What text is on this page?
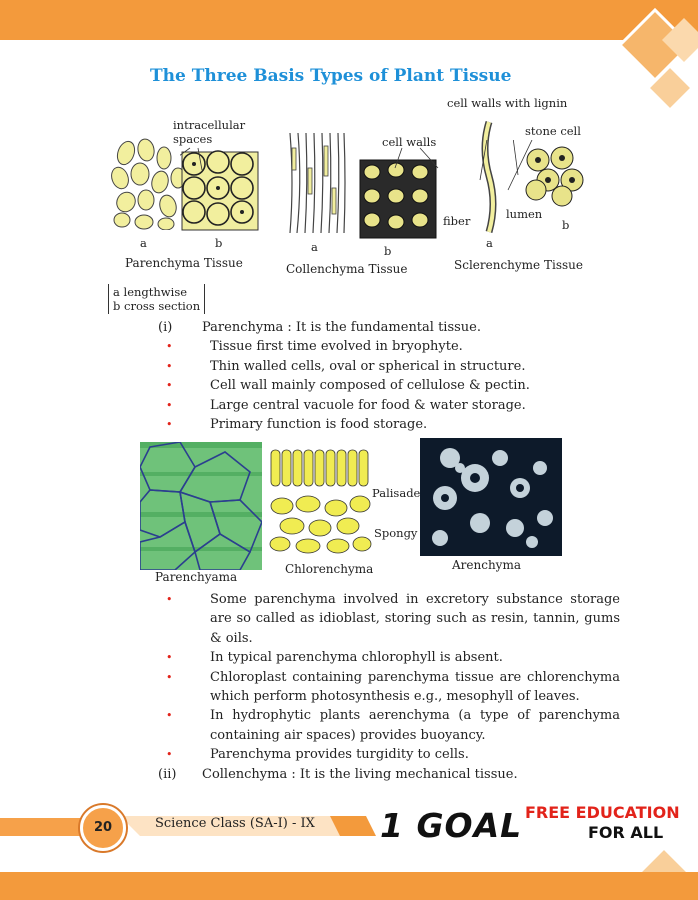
The Three Basis Types of Plant Tissue
intracellular
spaces
a	b
Parenchyma Tissue
cell walls
a	b
Collenchyma Tissue
cell walls with lignin
stone cell
fiber	lumen
a
b
Sclerenchyme Tissue
a lengthwise
b cross section
(i)	Parenchyma : It is the fundamental tissue.
•	Tissue first time evolved in bryophyte.
•	Thin walled cells, oval or spherical in structure.
•	Cell wall mainly composed of cellulose & pectin.
•	Large central vacuole for food & water storage.
•	Primary function is food storage.
Palisade
Spongy
Parenchyama
Chlorenchyma	Arenchyma
•	Some parenchyma involved in excretory substance storage are so called as idioblast, storing such as resin, tannin, gums & oils.
•	In typical parenchyma chlorophyll is absent.
•	Chloroplast containing parenchyma tissue are chlorenchyma which perform photosynthesis e.g., mesophyll of leaves.
•	In hydrophytic plants aerenchyma (a type of parenchyma containing air spaces) provides buoyancy.
•	Parenchyma provides turgidity to cells.
(ii)	Collenchyma : It is the living mechanical tissue.
20	Science Class (SA-I) - IX 1 GOAL FREE EDUCATION
FOR ALL
